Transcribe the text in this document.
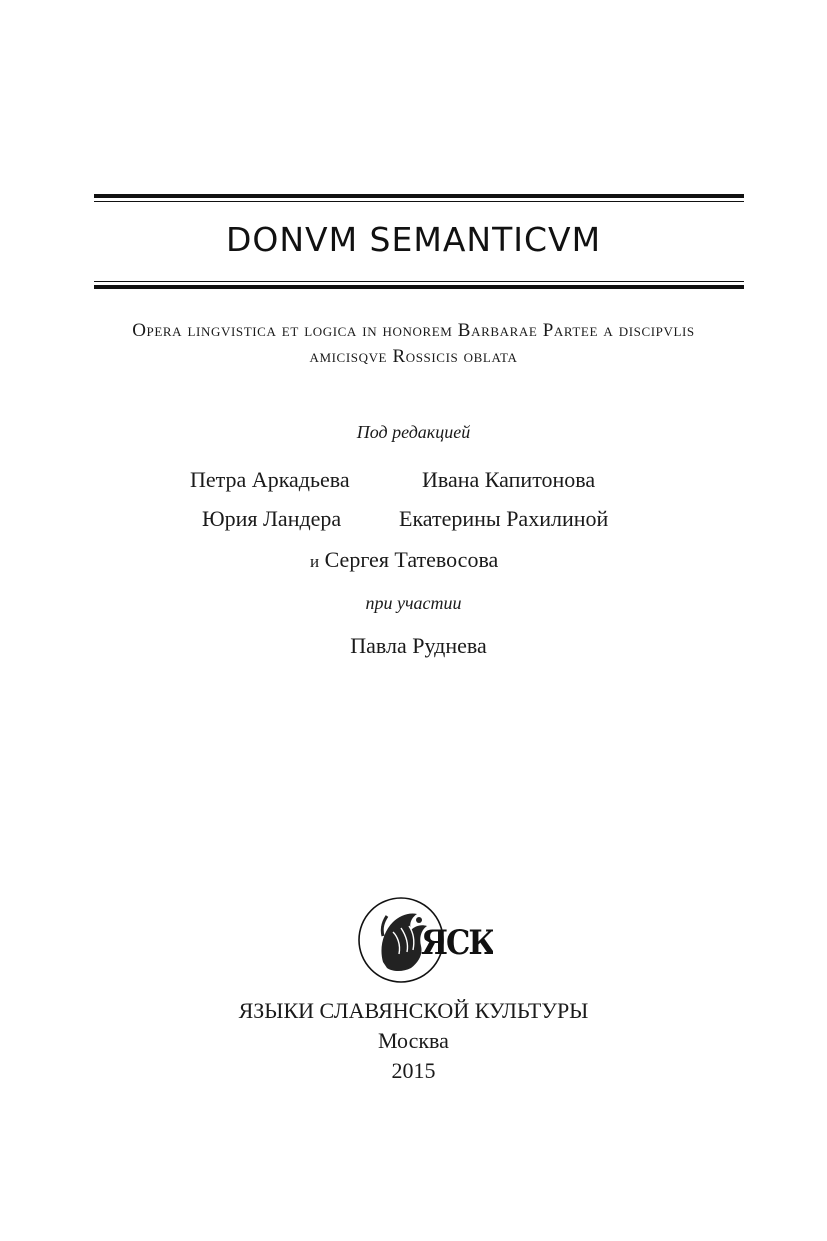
DONVM SEMANTICVM
Opera lingvistica et logica in honorem Barbarae Partee a discipvlis
amicisqve Rossicis oblata
Под редакцией
Петра Аркадьева	Ивана Капитонова
Юрия Ландера	Екатерины Рахилиной
и Сергея Татевосова
при участии
Павла Руднева
ЯСК
ЯЗЫКИ СЛАВЯНСКОЙ КУЛЬТУРЫ
Москва
2015
